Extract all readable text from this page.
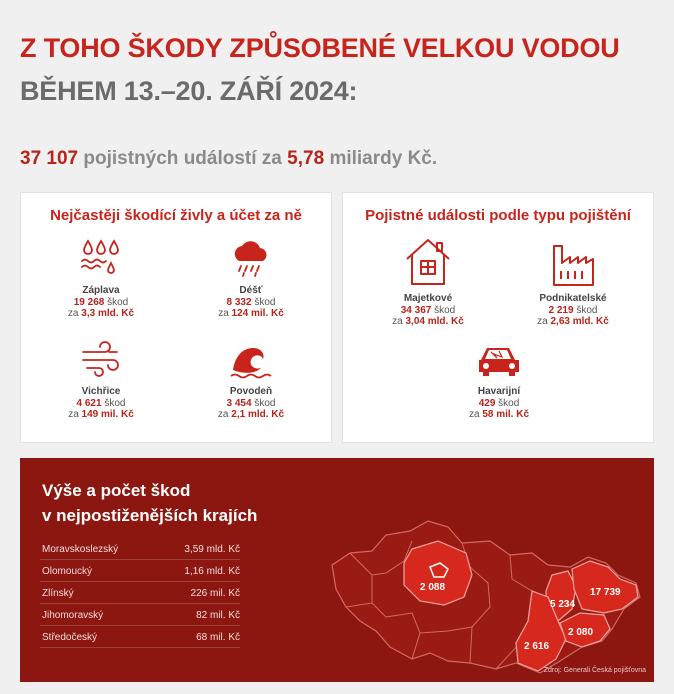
Z TOHO ŠKODY ZPŮSOBENÉ VELKOU VODOU
BĚHEM 13.–20. ZÁŘÍ 2024:
37 107 pojistných událostí za 5,78 miliardy Kč.
Nejčastěji škodící živly a účet za ně
Záplava
19 268 škod
za 3,3 mld. Kč
Déšť
8 332 škod
za 124 mil. Kč
Vichřice
4 621 škod
za 149 mil. Kč
Povodeň
3 454 škod
za 2,1 mld. Kč
Pojistné události podle typu pojištění
Majetkové
34 367 škod
za 3,04 mld. Kč
Podnikatelské
2 219 škod
za 2,63 mld. Kč
Havarijní
429 škod
za 58 mil. Kč
Výše a počet škod
v nejpostiženějších krajích
Moravskoslezský	3,59 mld. Kč
Olomoucký	1,16 mld. Kč
Zlínský	226 mil. Kč
Jihomoravský	82 mil. Kč
Středočeský	68 mil. Kč
2 088	17 739
5 234
2 080
2 616
Zdroj: Generali Česká pojišťovna
